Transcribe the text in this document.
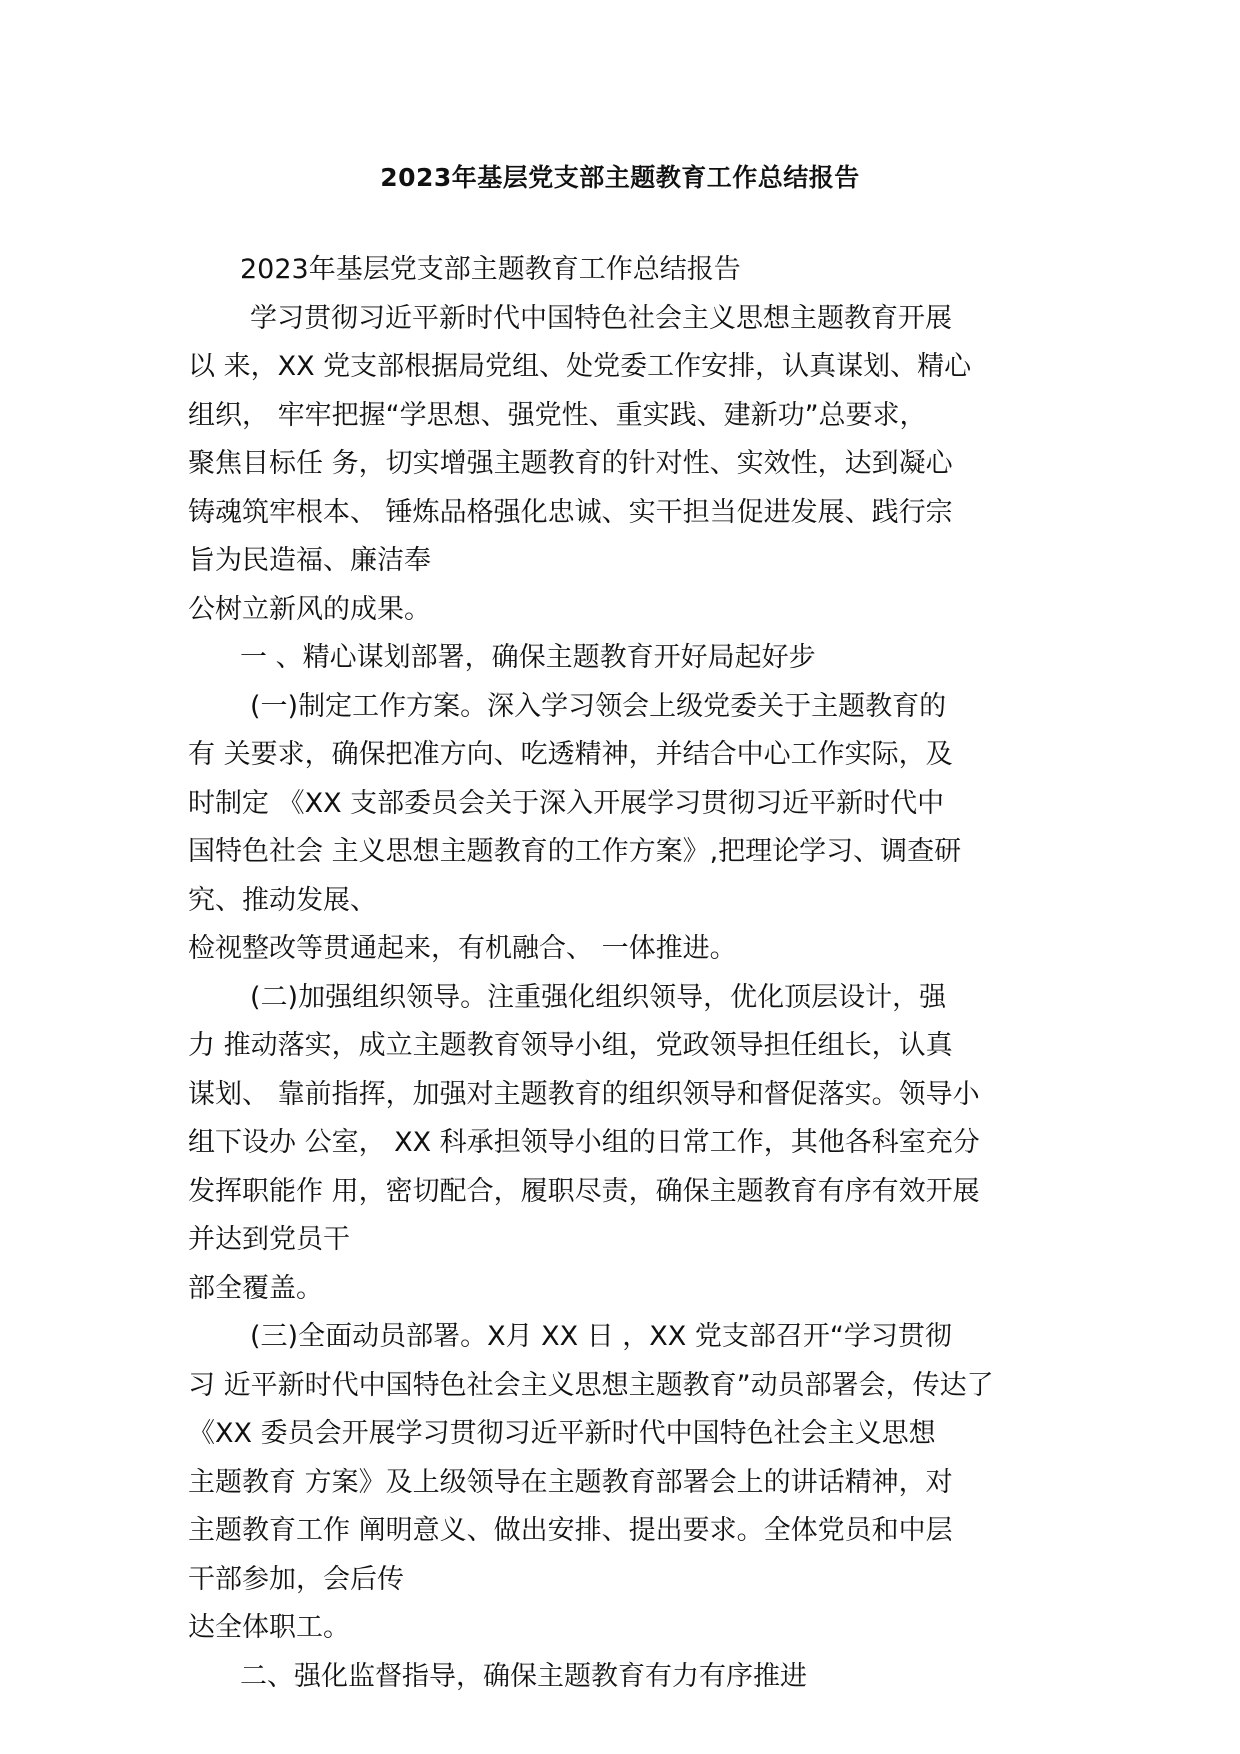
2023年基层党支部主题教育工作总结报告
2023年基层党支部主题教育工作总结报告
学习贯彻习近平新时代中国特色社会主义思想主题教育开展
以 来，XX 党支部根据局党组、处党委工作安排，认真谋划、精心
组织， 牢牢把握“学思想、强党性、重实践、建新功”总要求，
聚焦目标任 务，切实增强主题教育的针对性、实效性，达到凝心
铸魂筑牢根本、 锤炼品格强化忠诚、实干担当促进发展、践行宗
旨为民造福、廉洁奉
公树立新风的成果。
一 、精心谋划部署，确保主题教育开好局起好步
(一)制定工作方案。深入学习领会上级党委关于主题教育的
有 关要求，确保把准方向、吃透精神，并结合中心工作实际，及
时制定 《XX 支部委员会关于深入开展学习贯彻习近平新时代中
国特色社会 主义思想主题教育的工作方案》,把理论学习、调查研
究、推动发展、
检视整改等贯通起来，有机融合、 一体推进。
(二)加强组织领导。注重强化组织领导，优化顶层设计，强
力 推动落实，成立主题教育领导小组，党政领导担任组长，认真
谋划、 靠前指挥，加强对主题教育的组织领导和督促落实。领导小
组下设办 公室， XX 科承担领导小组的日常工作，其他各科室充分
发挥职能作 用，密切配合，履职尽责，确保主题教育有序有效开展
并达到党员干
部全覆盖。
(三)全面动员部署。X月 XX 日 ，XX 党支部召开“学习贯彻
习 近平新时代中国特色社会主义思想主题教育”动员部署会，传达了
《XX 委员会开展学习贯彻习近平新时代中国特色社会主义思想
主题教育 方案》及上级领导在主题教育部署会上的讲话精神，对
主题教育工作 阐明意义、做出安排、提出要求。全体党员和中层
干部参加，会后传
达全体职工。
二、强化监督指导，确保主题教育有力有序推进
